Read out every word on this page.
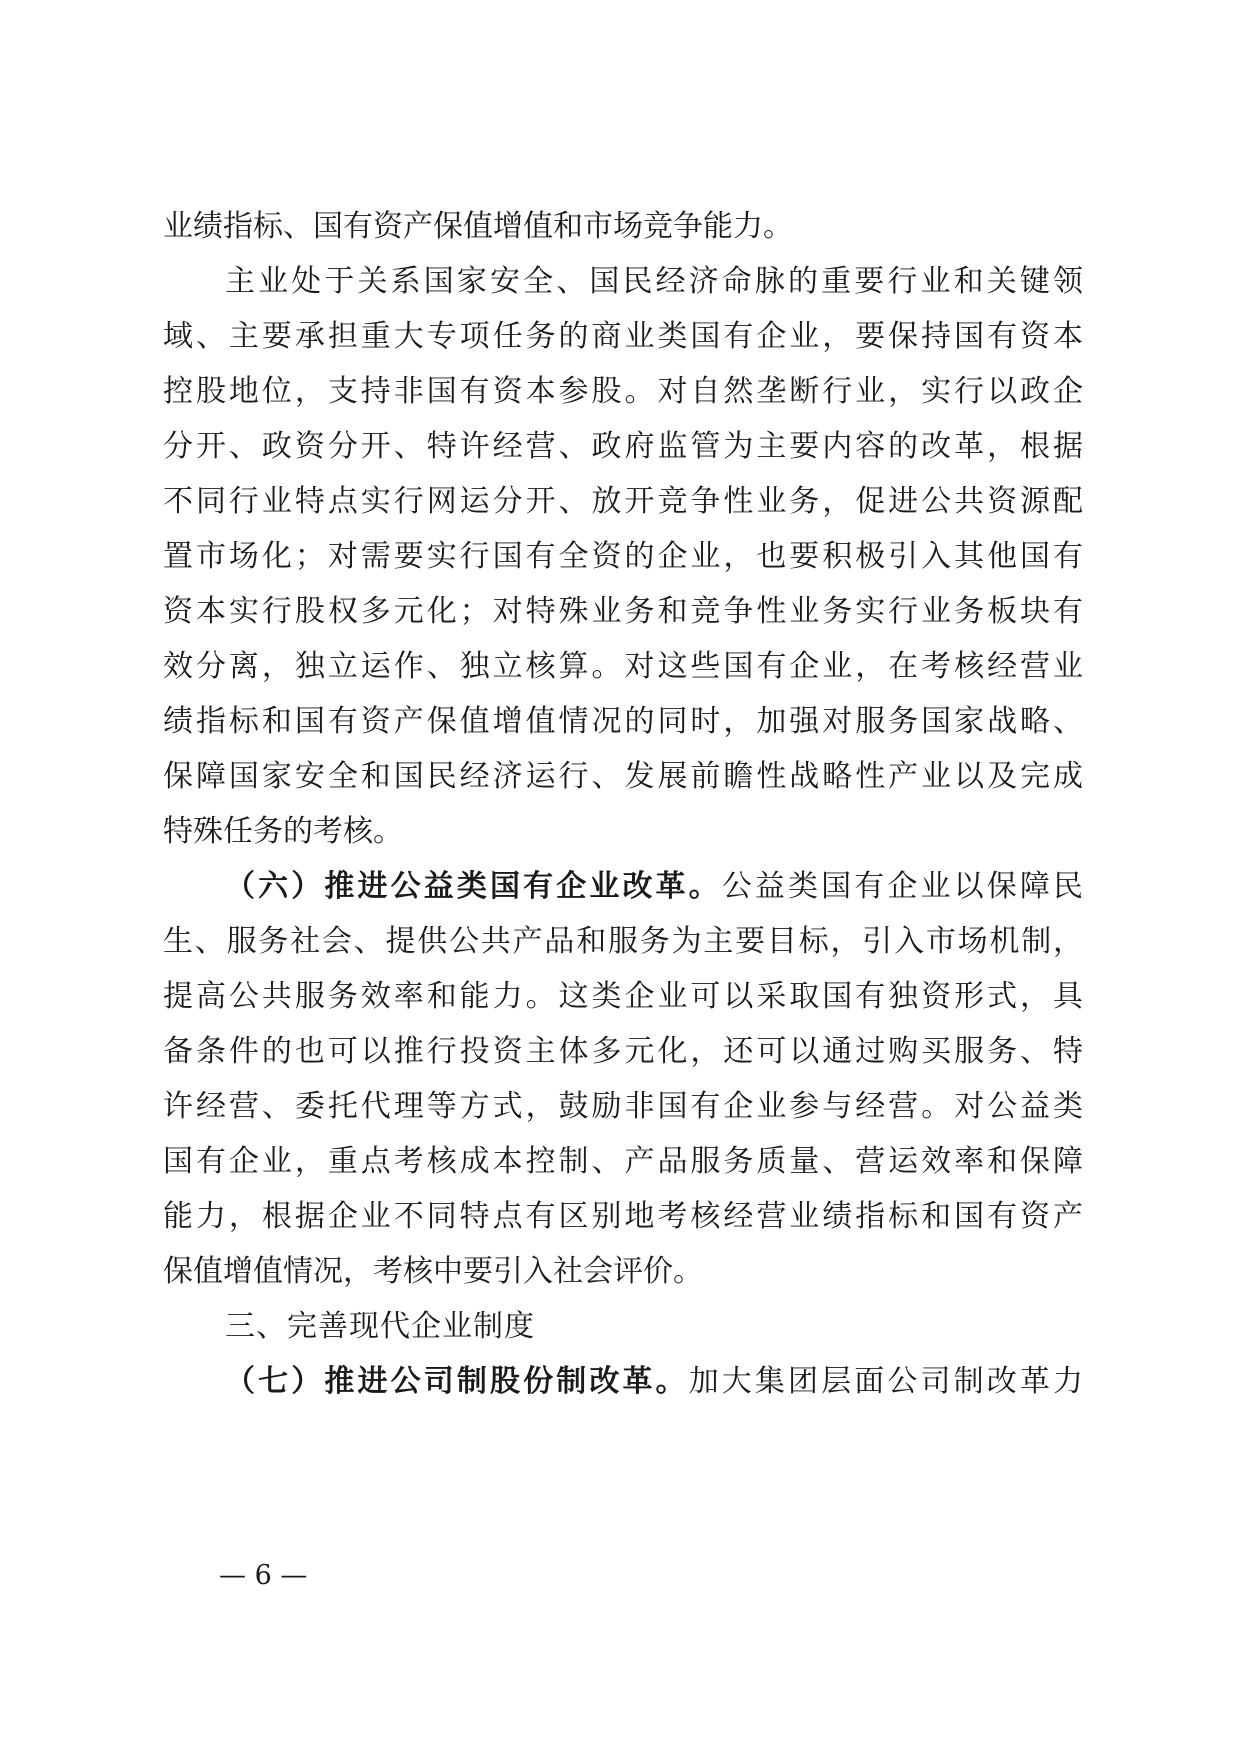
业绩指标、国有资产保值增值和市场竞争能力。
主业处于关系国家安全、国民经济命脉的重要行业和关键领
域、主要承担重大专项任务的商业类国有企业，要保持国有资本
控股地位，支持非国有资本参股。对自然垄断行业，实行以政企
分开、政资分开、特许经营、政府监管为主要内容的改革，根据
不同行业特点实行网运分开、放开竞争性业务，促进公共资源配
置市场化；对需要实行国有全资的企业，也要积极引入其他国有
资本实行股权多元化；对特殊业务和竞争性业务实行业务板块有
效分离，独立运作、独立核算。对这些国有企业，在考核经营业
绩指标和国有资产保值增值情况的同时，加强对服务国家战略、
保障国家安全和国民经济运行、发展前瞻性战略性产业以及完成
特殊任务的考核。
（六）推进公益类国有企业改革。公益类国有企业以保障民
生、服务社会、提供公共产品和服务为主要目标，引入市场机制，
提高公共服务效率和能力。这类企业可以采取国有独资形式，具
备条件的也可以推行投资主体多元化，还可以通过购买服务、特
许经营、委托代理等方式，鼓励非国有企业参与经营。对公益类
国有企业，重点考核成本控制、产品服务质量、营运效率和保障
能力，根据企业不同特点有区别地考核经营业绩指标和国有资产
保值增值情况，考核中要引入社会评价。
三、完善现代企业制度
（七）推进公司制股份制改革。加大集团层面公司制改革力
— 6 —
